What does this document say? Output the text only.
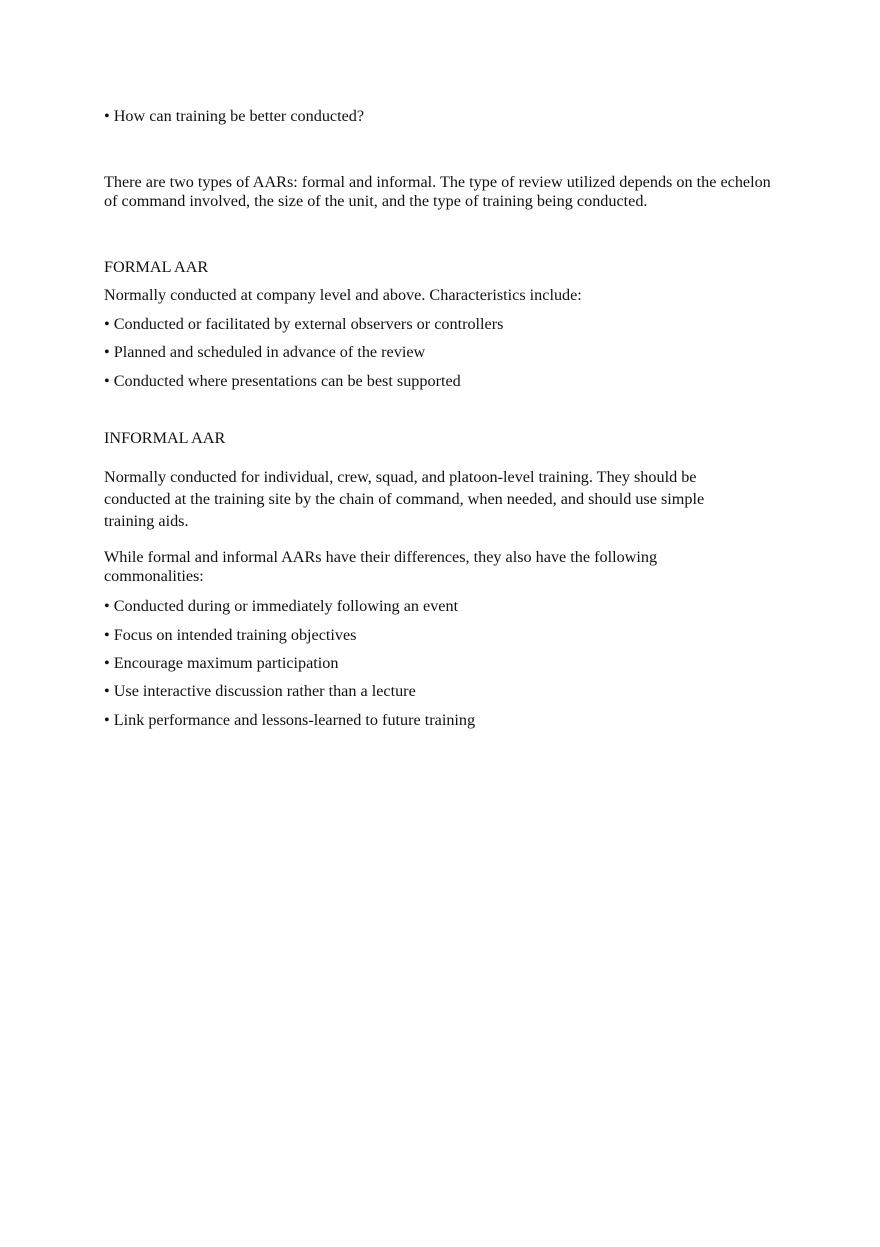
• How can training be better conducted?

There are two types of AARs: formal and informal. The type of review utilized depends on the echelon of command involved, the size of the unit, and the type of training being conducted.

FORMAL AAR

Normally conducted at company level and above. Characteristics include:

• Conducted or facilitated by external observers or controllers

• Planned and scheduled in advance of the review

• Conducted where presentations can be best supported

INFORMAL AAR

Normally conducted for individual, crew, squad, and platoon-level training. They should be conducted at the training site by the chain of command, when needed, and should use simple training aids.

While formal and informal AARs have their differences, they also have the following commonalities:

• Conducted during or immediately following an event

• Focus on intended training objectives

• Encourage maximum participation

• Use interactive discussion rather than a lecture

• Link performance and lessons-learned to future training
